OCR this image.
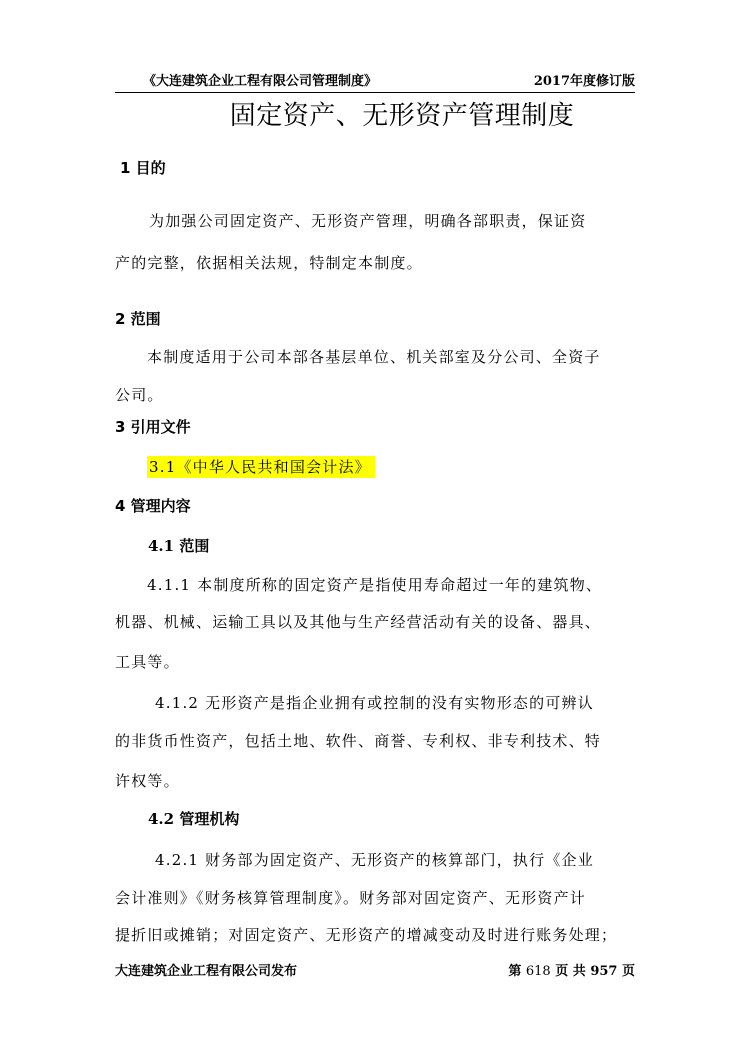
《大连建筑企业工程有限公司管理制度》	2017年度修订版
固定资产、无形资产管理制度
1 目的
为加强公司固定资产、无形资产管理，明确各部职责，保证资
产的完整，依据相关法规，特制定本制度。
2 范围
本制度适用于公司本部各基层单位、机关部室及分公司、全资子
公司。
3 引用文件
3.1《中华人民共和国会计法》
4 管理内容
4.1 范围
4.1.1 本制度所称的固定资产是指使用寿命超过一年的建筑物、
机器、机械、运输工具以及其他与生产经营活动有关的设备、器具、
工具等。
4.1.2 无形资产是指企业拥有或控制的没有实物形态的可辨认
的非货币性资产，包括土地、软件、商誉、专利权、非专利技术、特
许权等。
4.2 管理机构
4.2.1 财务部为固定资产、无形资产的核算部门，执行《企业
会计准则》《财务核算管理制度》。财务部对固定资产、无形资产计
提折旧或摊销；对固定资产、无形资产的增减变动及时进行账务处理；
大连建筑企业工程有限公司发布	第 618 页 共 957 页
